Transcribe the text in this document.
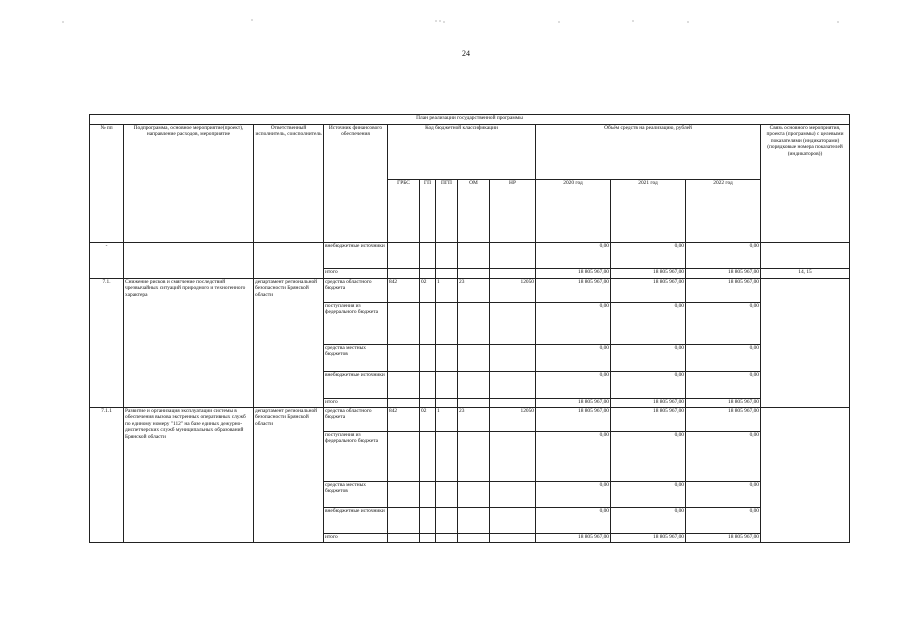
24
План реализации государственной программы												
№ пп	Подпрограмма, основное мероприятие(проект), направление расходов, мероприятие	Ответственный исполнитель, соисполнитель	Источник финансового обеспечения	Код бюджетной классификации					Объём средств на реализацию, рублей			Связь основного мероприятия, проекта (программы) с целевыми показателями (индикаторами) (порядковые номера показателей (индикаторов))
				ГРБС	ГП	ПГП	ОМ	НР	2020 год	2021 год	2022 год	
-			внебюджетные источники						0,00	0,00	0,00	
			итого						18 805 967,00	18 805 967,00	18 805 967,00	14, 15
7.1.	Снижение рисков и смягчение последствий чрезвычайных ситуаций природного и техногенного характера	департамент региональной безопасности Брянской области	средства областного бюджета	842	02	1	23	12050	18 805 967,00	18 805 967,00	18 805 967,00	
			поступления из федерального бюджета						0,00	0,00	0,00	
			средства местных бюджетов						0,00	0,00	0,00	
			внебюджетные источники						0,00	0,00	0,00	
			итого						18 805 967,00	18 805 967,00	18 805 967,00	
7.1.1	Развитие и организация эксплуатации системы в обеспечения вызова экстренных оперативных служб по единому номеру "112" на базе единых дежурно-диспетчерских служб муниципальных образований Брянской области	департамент региональной безопасности Брянской области	средства областного бюджета	842	02	1	23	12050	18 805 967,00	18 805 967,00	18 805 967,00	
			поступления из федерального бюджета						0,00	0,00	0,00	
			средства местных бюджетов						0,00	0,00	0,00	
			внебюджетные источники						0,00	0,00	0,00	
			итого						18 805 967,00	18 805 967,00	18 805 967,00	
